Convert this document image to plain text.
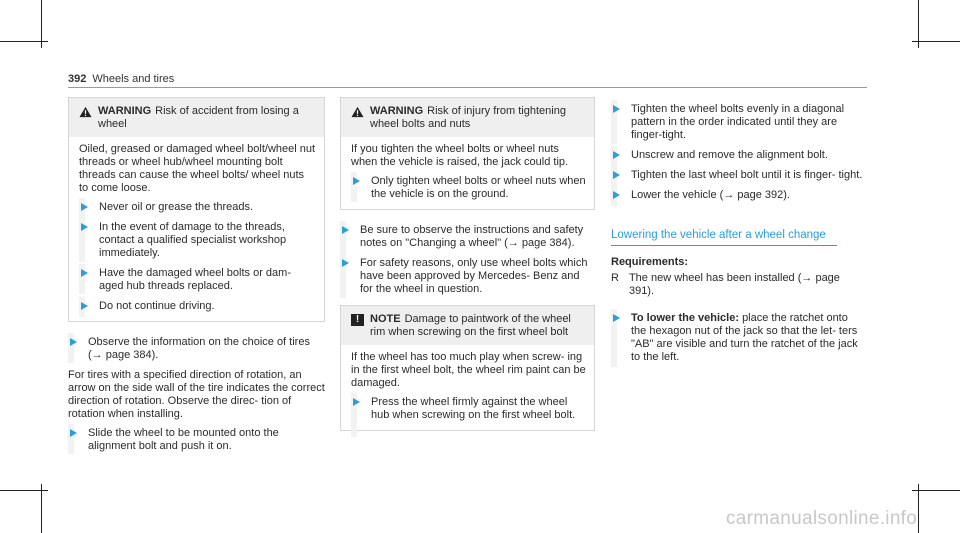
392 Wheels and tires
WARNING Risk of accident from losing a wheel

Oiled, greased or damaged wheel bolt/wheel nut threads or wheel hub/wheel mounting bolt threads can cause the wheel bolts/ wheel nuts to come loose.

Never oil or grease the threads.
In the event of damage to the threads, contact a qualified specialist workshop immediately.
Have the damaged wheel bolts or dam- aged hub threads replaced.
Do not continue driving.
Observe the information on the choice of tires (→ page 384).

For tires with a specified direction of rotation, an arrow on the side wall of the tire indicates the correct direction of rotation. Observe the direc- tion of rotation when installing.

Slide the wheel to be mounted onto the alignment bolt and push it on.
WARNING Risk of injury from tightening wheel bolts and nuts

If you tighten the wheel bolts or wheel nuts when the vehicle is raised, the jack could tip.

Only tighten wheel bolts or wheel nuts when the vehicle is on the ground.
Be sure to observe the instructions and safety notes on "Changing a wheel" (→ page 384).
For safety reasons, only use wheel bolts which have been approved by Mercedes- Benz and for the wheel in question.
! NOTE Damage to paintwork of the wheel rim when screwing on the first wheel bolt

If the wheel has too much play when screw- ing in the first wheel bolt, the wheel rim paint can be damaged.

Press the wheel firmly against the wheel hub when screwing on the first wheel bolt.
Tighten the wheel bolts evenly in a diagonal pattern in the order indicated until they are finger-tight.
Unscrew and remove the alignment bolt.
Tighten the last wheel bolt until it is finger- tight.
Lower the vehicle (→ page 392).
Lowering the vehicle after a wheel change

Requirements:

R The new wheel has been installed (→ page 391).
To lower the vehicle: place the ratchet onto the hexagon nut of the jack so that the let- ters "AB" are visible and turn the ratchet of the jack to the left.
carmanualsonline.info
